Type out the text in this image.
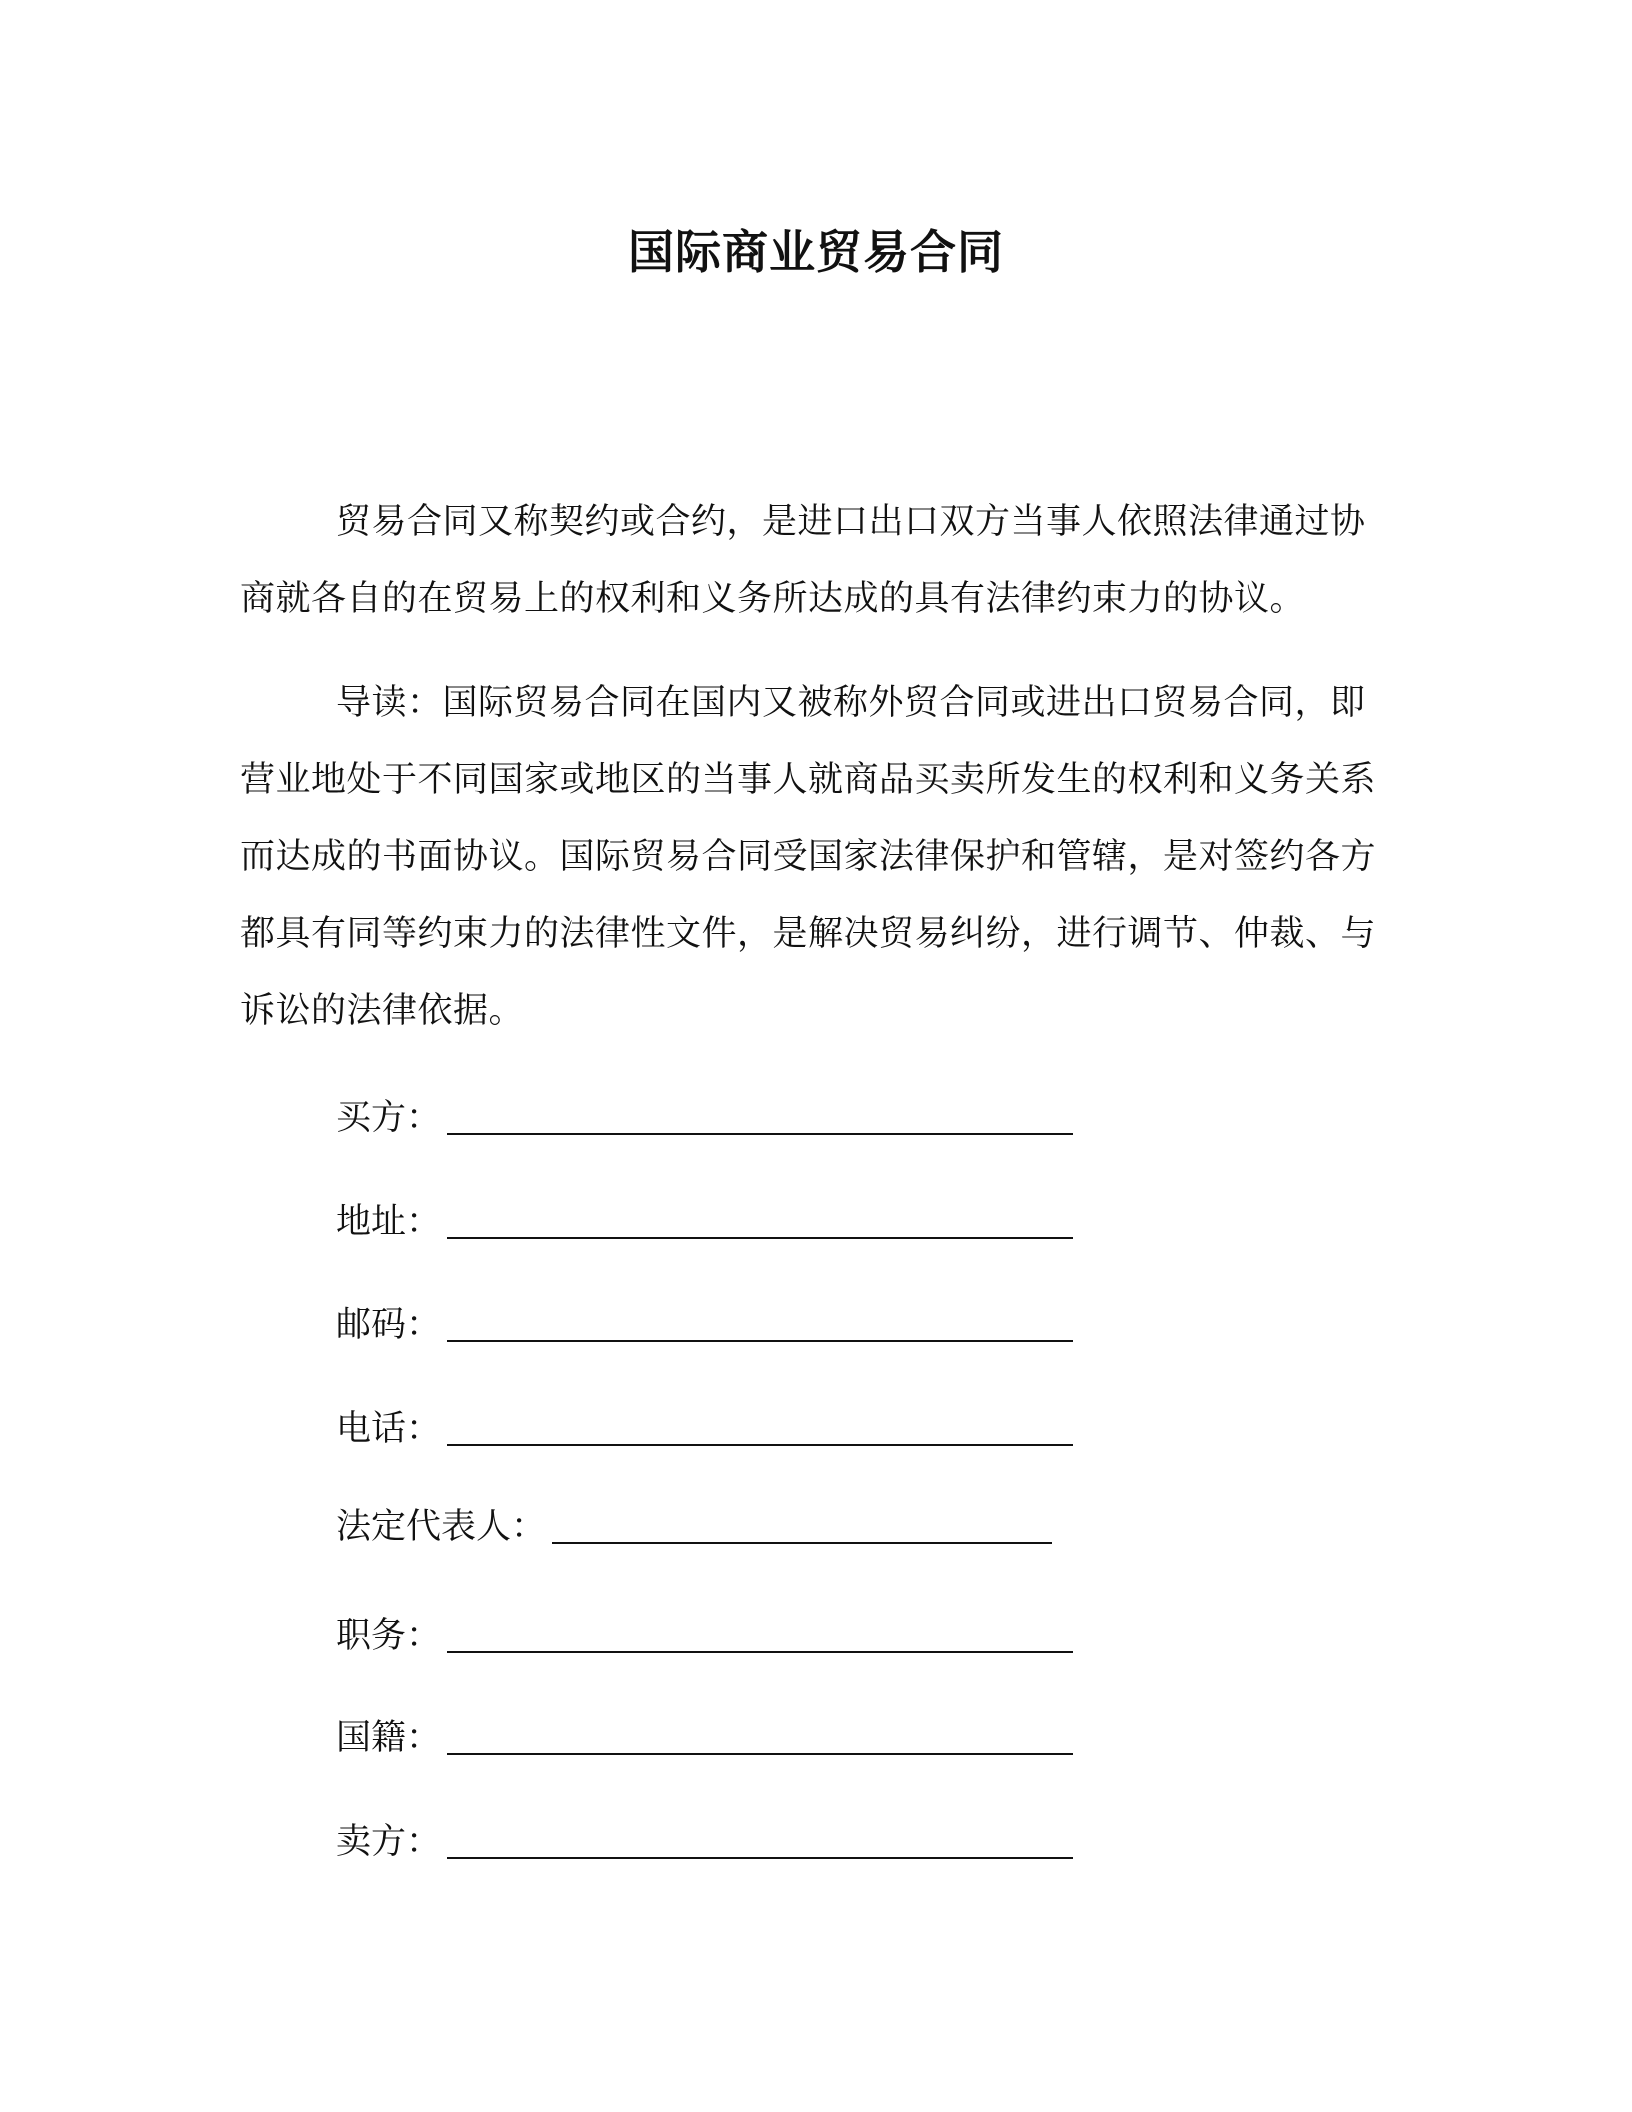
国际商业贸易合同

贸易合同又称契约或合约，是进口出口双方当事人依照法律通过协商就各自的在贸易上的权利和义务所达成的具有法律约束力的协议。

导读：国际贸易合同在国内又被称外贸合同或进出口贸易合同，即营业地处于不同国家或地区的当事人就商品买卖所发生的权利和义务关系而达成的书面协议。国际贸易合同受国家法律保护和管辖，是对签约各方都具有同等约束力的法律性文件，是解决贸易纠纷，进行调节、仲裁、与诉讼的法律依据。

买方：
地址：
邮码：
电话：
法定代表人：
职务：
国籍：
卖方：
